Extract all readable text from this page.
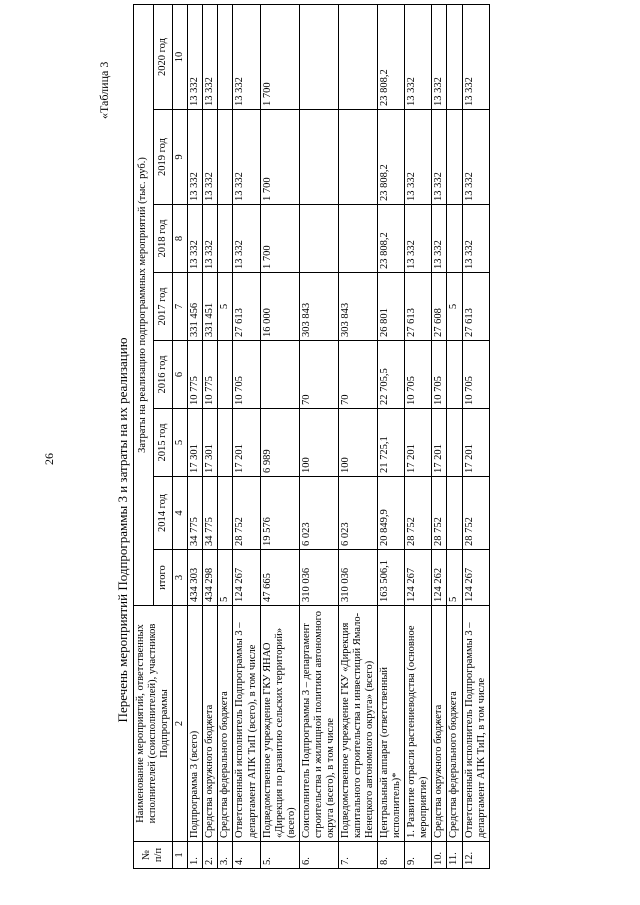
26
«Таблица 3
Перечень мероприятий Подпрограммы 3 и затраты на их реализацию
№ п/п	Наименование мероприятий, ответственных исполнителей (соисполнителей), участников Подпрограммы	Затраты на реализацию подпрограммных мероприятий (тыс. руб.)							
		итого	2014 год	2015 год	2016 год	2017 год	2018 год	2019 год	2020 год
1	2	3	4	5	6	7	8	9	10
1.	Подпрограмма 3 (всего)	434 303	34 775	17 301	10 775	331 456	13 332	13 332	13 332
2.	Средства окружного бюджета	434 298	34 775	17 301	10 775	331 451	13 332	13 332	13 332
3.	Средства федерального бюджета	5				5			
4.	Ответственный исполнитель Подпрограммы 3 – департамент АПК ТиП (всего), в том числе	124 267	28 752	17 201	10 705	27 613	13 332	13 332	13 332
5.	Подведомственное учреждение ГКУ ЯНАО «Дирекция по развитию сельских территорий» (всего)	47 665	19 576	6 989		16 000	1 700	1 700	1 700
6.	Соисполнитель Подпрограммы 3 – департамент строительства и жилищной политики автономного округа (всего), в том числе	310 036	6 023	100	70	303 843			
7.	Подведомственное учреждение ГКУ «Дирекция капитального строительства и инвестиций Ямало-Ненецкого автономного округа» (всего)	310 036	6 023	100	70	303 843			
8.	Центральный аппарат (ответственный исполнитель)*	163 506,1	20 849,9	21 725,1	22 705,5	26 801	23 808,2	23 808,2	23 808,2
9.	1. Развитие отрасли растениеводства (основное мероприятие)	124 267	28 752	17 201	10 705	27 613	13 332	13 332	13 332
10.	Средства окружного бюджета	124 262	28 752	17 201	10 705	27 608	13 332	13 332	13 332
11.	Средства федерального бюджета	5				5			
12.	Ответственный исполнитель Подпрограммы 3 – департамент АПК ТиП, в том числе	124 267	28 752	17 201	10 705	27 613	13 332	13 332	13 332
